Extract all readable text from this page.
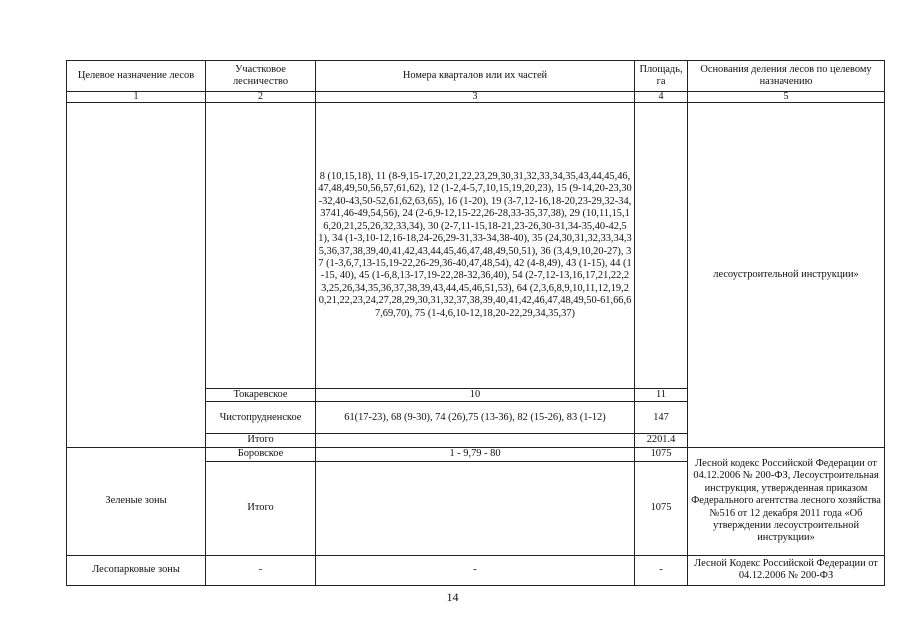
Целевое назначение лесов	Участковое лесничество	Номера кварталов или их частей	Площадь, га	Основания деления лесов по целевому назначению
1	2	3	4	5
		8 (10,15,18), 11 (8-9,15-17,20,21,22,23,29,30,31,32,33,34,35,43,44,45,46,47,48,49,50,56,57,61,62), 12 (1-2,4-5,7,10,15,19,20,23), 15 (9-14,20-23,30-32,40-43,50-52,61,62,63,65), 16 (1-20), 19 (3-7,12-16,18-20,23-29,32-34,3741,46-49,54,56), 24 (2-6,9-12,15-22,26-28,33-35,37,38), 29 (10,11,15,16,20,21,25,26,32,33,34), 30 (2-7,11-15,18-21,23-26,30-31,34-35,40-42,51), 34 (1-3,10-12,16-18,24-26,29-31,33-34,38-40), 35 (24,30,31,32,33,34,35,36,37,38,39,40,41,42,43,44,45,46,47,48,49,50,51), 36 (3,4,9,10,20-27), 37 (1-3,6,7,13-15,19-22,26-29,36-40,47,48,54), 42 (4-8,49), 43 (1-15), 44 (1-15, 40), 45 (1-6,8,13-17,19-22,28-32,36,40), 54 (2-7,12-13,16,17,21,22,23,25,26,34,35,36,37,38,39,43,44,45,46,51,53), 64 (2,3,6,8,9,10,11,12,19,20,21,22,23,24,27,28,29,30,31,32,37,38,39,40,41,42,46,47,48,49,50-61,66,67,69,70), 75 (1-4,6,10-12,18,20-22,29,34,35,37)		лесоустроительной инструкции»
	Токаревское	10	11	
	Чистопрудненское	61(17-23), 68 (9-30), 74 (26),75 (13-36), 82 (15-26), 83 (1-12)	147	
	Итого		2201.4	
Зеленые зоны	Боровское	1 - 9,79 - 80	1075	Лесной кодекс Российской Федерации от 04.12.2006 № 200-ФЗ, Лесоустроительная инструкция, утвержденная приказом Федерального агентства лесного хозяйства №516 от 12 декабря 2011 года «Об утверждении лесоустроительной инструкции»
	Итого		1075	
Лесопарковые зоны	-	-	-	Лесной Кодекс Российской Федерации от 04.12.2006 № 200-ФЗ
14
